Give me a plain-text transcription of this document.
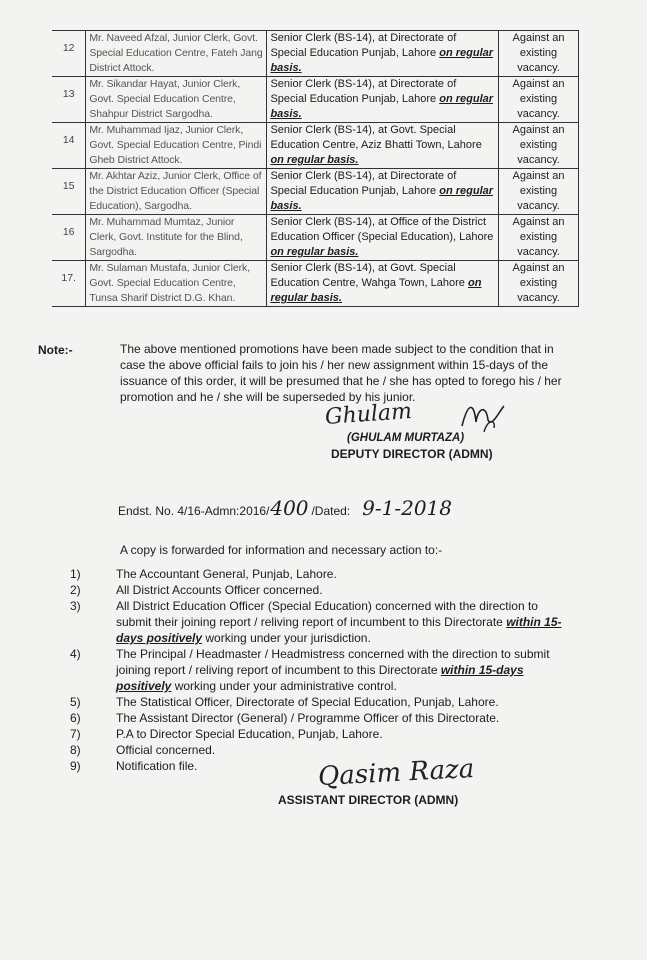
12	Mr. Naveed Afzal, Junior Clerk, Govt. Special Education Centre, Fateh Jang District Attock.	Senior Clerk (BS-14), at Directorate of Special Education Punjab, Lahore on regular basis.	Against an existing vacancy.
13	Mr. Sikandar Hayat, Junior Clerk, Govt. Special Education Centre, Shahpur District Sargodha.	Senior Clerk (BS-14), at Directorate of Special Education Punjab, Lahore on regular basis.	Against an existing vacancy.
14	Mr. Muhammad Ijaz, Junior Clerk, Govt. Special Education Centre, Pindi Gheb District Attock.	Senior Clerk (BS-14), at Govt. Special Education Centre, Aziz Bhatti Town, Lahore on regular basis.	Against an existing vacancy.
15	Mr. Akhtar Aziz, Junior Clerk, Office of the District Education Officer (Special Education), Sargodha.	Senior Clerk (BS-14), at Directorate of Special Education Punjab, Lahore on regular basis.	Against an existing vacancy.
16	Mr. Muhammad Mumtaz, Junior Clerk, Govt. Institute for the Blind, Sargodha.	Senior Clerk (BS-14), at Office of the District Education Officer (Special Education), Lahore on regular basis.	Against an existing vacancy.
17.	Mr. Sulaman Mustafa, Junior Clerk, Govt. Special Education Centre, Tunsa Sharif District D.G. Khan.	Senior Clerk (BS-14), at Govt. Special Education Centre, Wahga Town, Lahore on regular basis.	Against an existing vacancy.
Note:-	The above mentioned promotions have been made subject to the condition that in case the above official fails to join his / her new assignment within 15-days of the issuance of this order, it will be presumed that he / she has opted to forego his / her promotion and he / she will be superseded by his junior.
Ghulam
(GHULAM MURTAZA)
DEPUTY DIRECTOR (ADMN)
Endst. No. 4/16-Admn:2016/400 /Dated: 9-1-2018
A copy is forwarded for information and necessary action to:-
1)	The Accountant General, Punjab, Lahore.
2)	All District Accounts Officer concerned.
3)	All District Education Officer (Special Education) concerned with the direction to submit their joining report / reliving report of incumbent to this Directorate within 15-days positively working under your jurisdiction.
4)	The Principal / Headmaster / Headmistress concerned with the direction to submit joining report / reliving report of incumbent to this Directorate within 15-days positively working under your administrative control.
5)	The Statistical Officer, Directorate of Special Education, Punjab, Lahore.
6)	The Assistant Director (General) / Programme Officer of this Directorate.
7)	P.A to Director Special Education, Punjab, Lahore.
8)	Official concerned.
9)	Notification file.	Qasim Raza
ASSISTANT DIRECTOR (ADMN)
